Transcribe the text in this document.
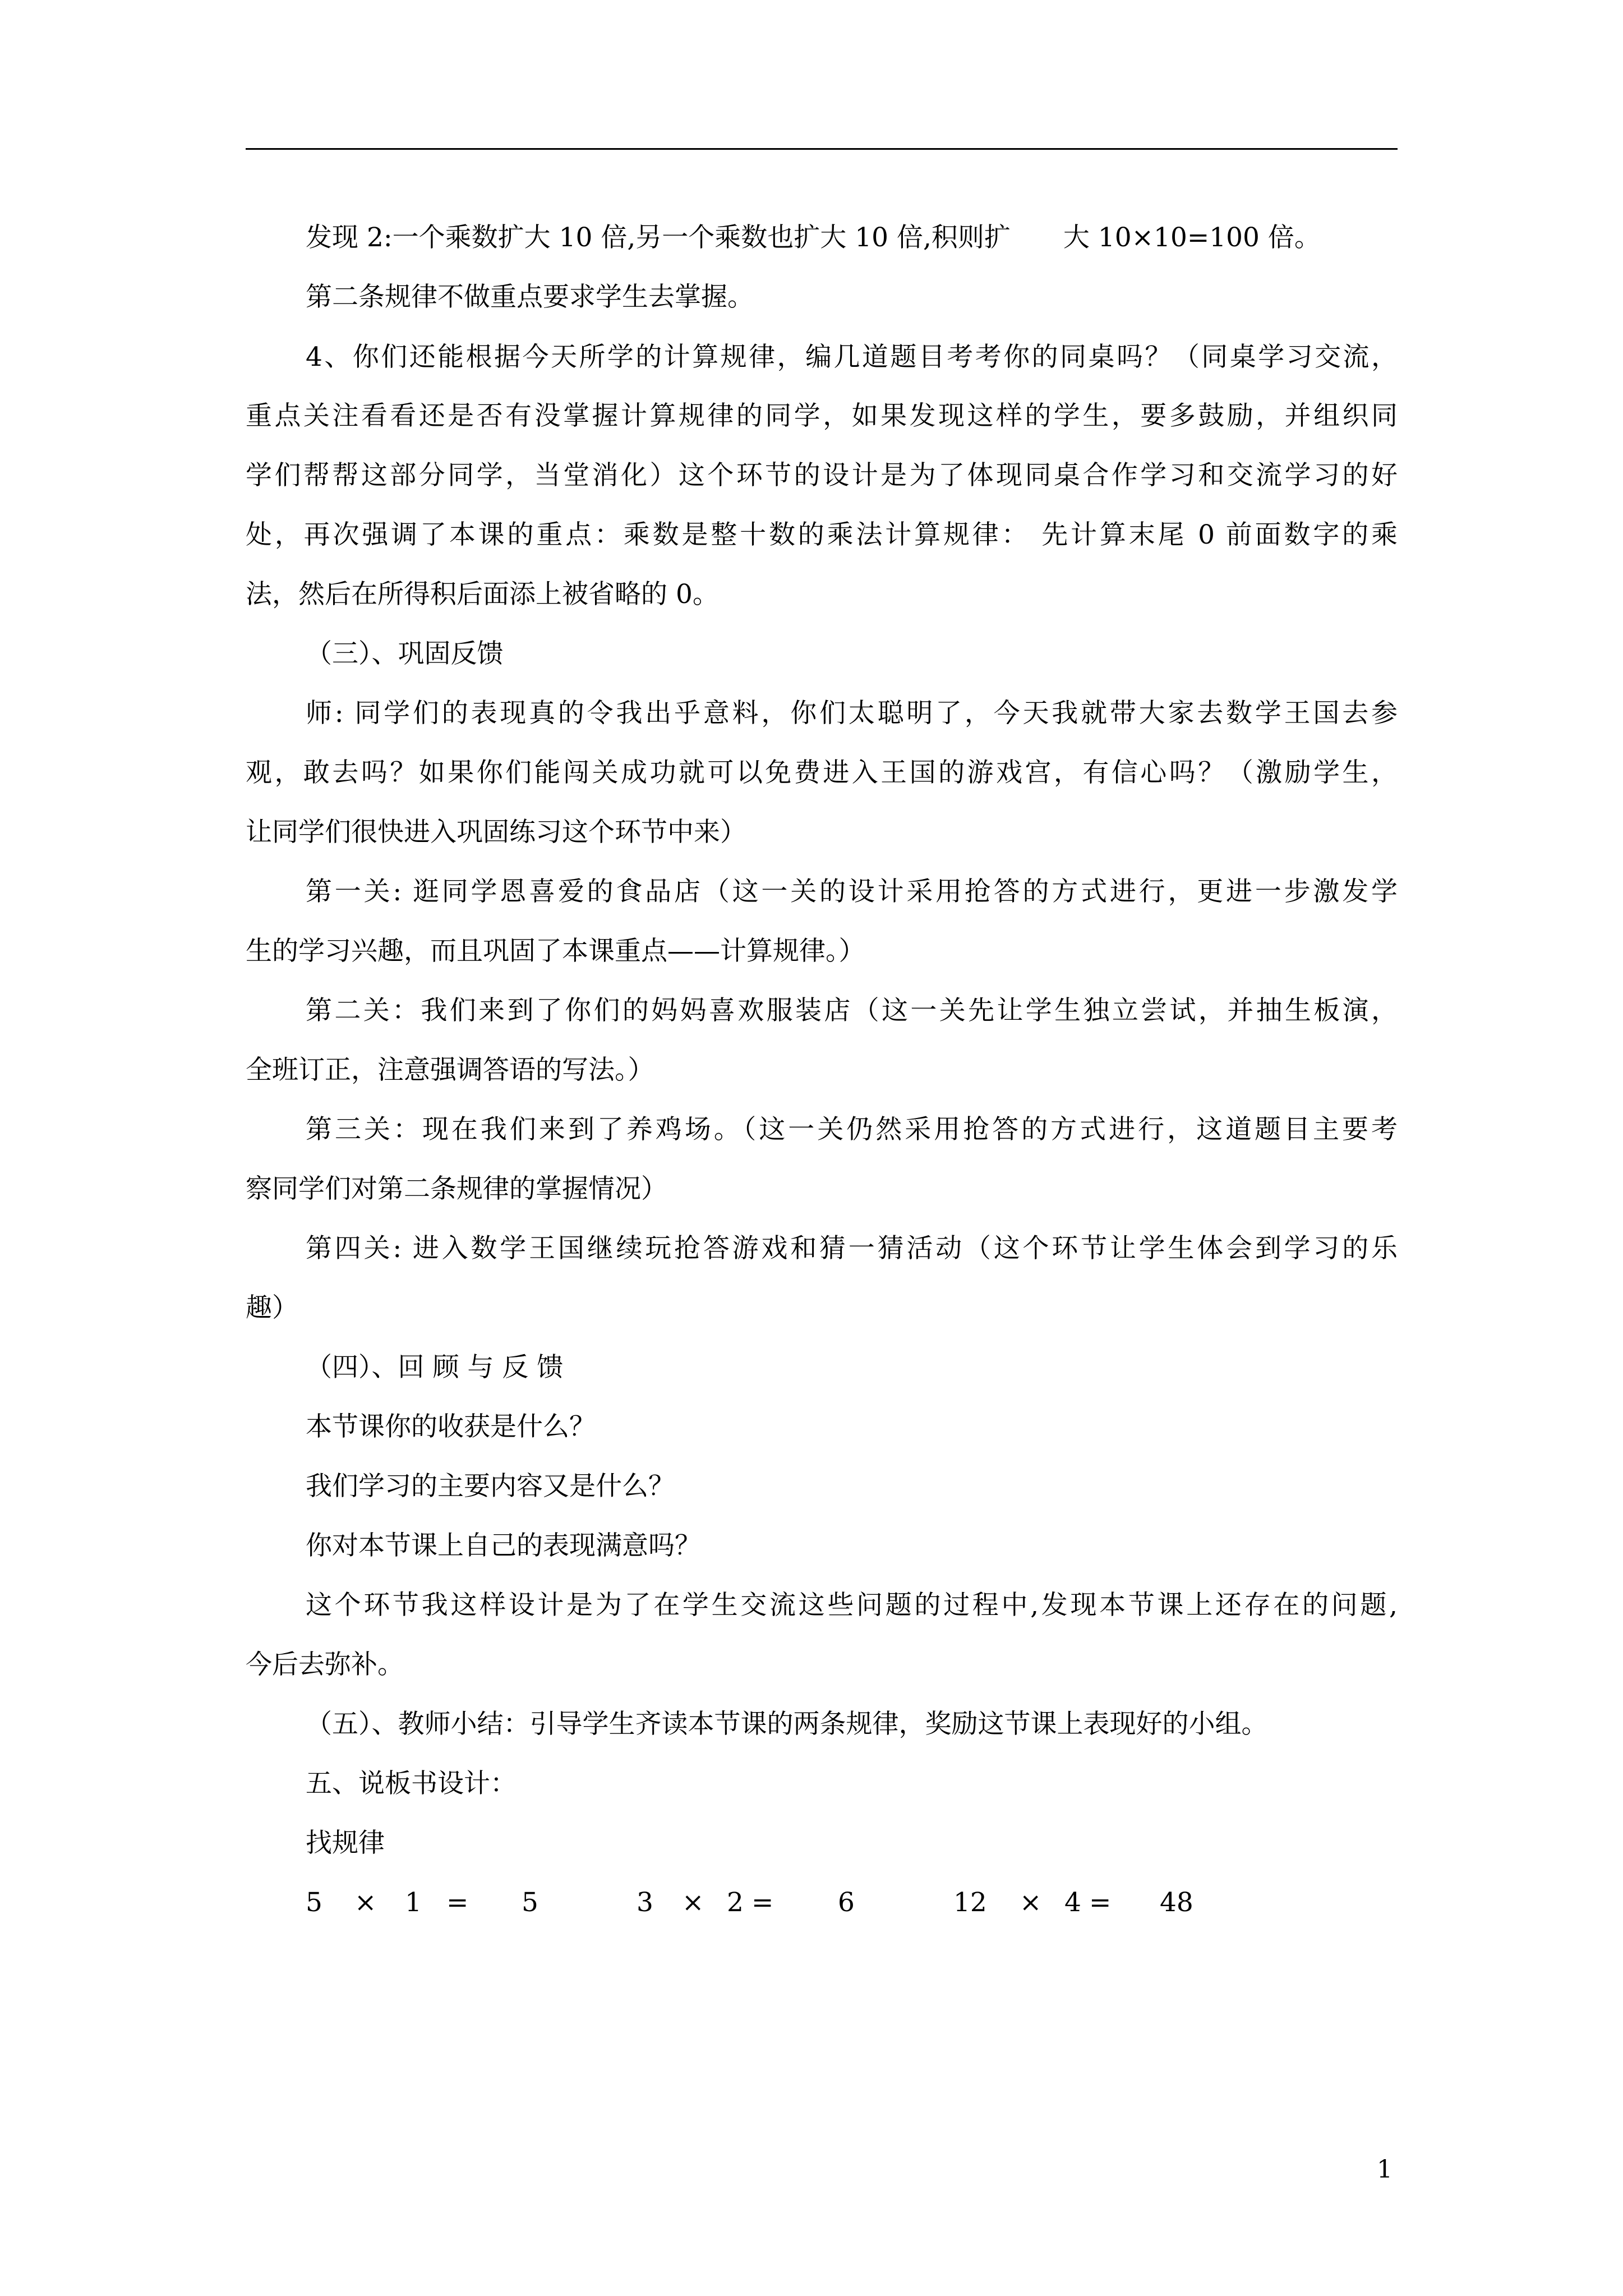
发现 2:一个乘数扩大 10 倍,另一个乘数也扩大 10 倍,积则扩　　大 10×10=100 倍。

第二条规律不做重点要求学生去掌握。

4、你们还能根据今天所学的计算规律，编几道题目考考你的同桌吗？（同桌学习交流，

重点关注看看还是否有没掌握计算规律的同学，如果发现这样的学生，要多鼓励，并组织同

学们帮帮这部分同学，当堂消化）这个环节的设计是为了体现同桌合作学习和交流学习的好

处，再次强调了本课的重点：乘数是整十数的乘法计算规律： 先计算末尾 0 前面数字的乘

法，然后在所得积后面添上被省略的 0。

（三）、巩固反馈

师: 同学们的表现真的令我出乎意料，你们太聪明了，今天我就带大家去数学王国去参

观，敢去吗？如果你们能闯关成功就可以免费进入王国的游戏宫，有信心吗？（激励学生，

让同学们很快进入巩固练习这个环节中来）

第一关: 逛同学恩喜爱的食品店（这一关的设计采用抢答的方式进行，更进一步激发学

生的学习兴趣，而且巩固了本课重点——计算规律。）

第二关：我们来到了你们的妈妈喜欢服装店（这一关先让学生独立尝试，并抽生板演，

全班订正，注意强调答语的写法。）

第三关：现在我们来到了养鸡场。（这一关仍然采用抢答的方式进行，这道题目主要考

察同学们对第二条规律的掌握情况）

第四关: 进入数学王国继续玩抢答游戏和猜一猜活动（这个环节让学生体会到学习的乐

趣）

（四）、回 顾 与 反 馈

本节课你的收获是什么？

我们学习的主要内容又是什么？

你对本节课上自己的表现满意吗？

这个环节我这样设计是为了在学生交流这些问题的过程中,发现本节课上还存在的问题,

今后去弥补。

（五）、教师小结：引导学生齐读本节课的两条规律，奖励这节课上表现好的小组。

五、说板书设计：

找规律

5 × 1 = 5	3 × 2 = 6	12 × 4 = 48
1
